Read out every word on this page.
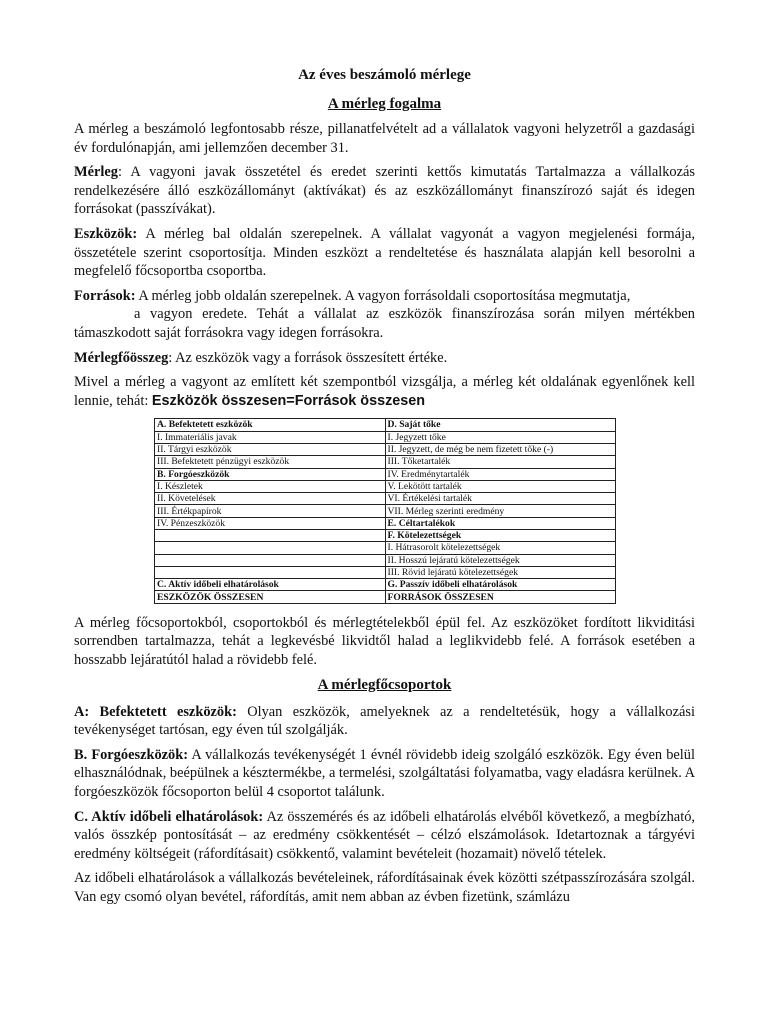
Az éves beszámoló mérlege
A mérleg fogalma

A mérleg a beszámoló legfontosabb része, pillanatfelvételt ad a vállalatok vagyoni helyzetről a gazdasági év fordulónapján, ami jellemzően december 31.

Mérleg: A vagyoni javak összetétel és eredet szerinti kettős kimutatás Tartalmazza a vállalkozás rendelkezésére álló eszközállományt (aktívákat) és az eszközállományt finanszírozó saját és idegen forrásokat (passzívákat).

Eszközök: A mérleg bal oldalán szerepelnek. A vállalat vagyonát a vagyon megjelenési formája, összetétele szerint csoportosítja. Minden eszközt a rendeltetése és használata alapján kell besorolni a megfelelő főcsoportba csoportba.

Források: A mérleg jobb oldalán szerepelnek. A vagyon forrásoldali csoportosítása megmutatja,

a vagyon eredete. Tehát a vállalat az eszközök finanszírozása során milyen mértékben támaszkodott saját forrásokra vagy idegen forrásokra.

Mérlegfőösszeg: Az eszközök vagy a források összesített értéke.

Mivel a mérleg a vagyont az említett két szempontból vizsgálja, a mérleg két oldalának egyenlőnek kell lennie, tehát: Eszközök összesen=Források összesen

A. Befektetett eszközök	D. Saját tőke
I. Immateriális javak	I. Jegyzett tőke
II. Tárgyi eszközök	II. Jegyzett, de még be nem fizetett tőke (-)
III. Befektetett pénzügyi eszközök	III. Tőketartalék
B. Forgóeszközök	IV. Eredménytartalék
I. Készletek	V. Lekötött tartalék
II. Követelések	VI. Értékelési tartalék
III. Értékpapírok	VII. Mérleg szerinti eredmény
IV. Pénzeszközök	E. Céltartalékok
	F. Kötelezettségek
	I. Hátrasorolt kötelezettségek
	II. Hosszú lejáratú kötelezettségek
	III. Rövid lejáratú kötelezettségek
C. Aktív időbeli elhatárolások	G. Passzív időbeli elhatárolások
ESZKÖZÖK ÖSSZESEN	FORRÁSOK ÖSSZESEN

A mérleg főcsoportokból, csoportokból és mérlegtételekből épül fel. Az eszközöket fordított likviditási sorrendben tartalmazza, tehát a legkevésbé likvidtől halad a leglikvidebb felé. A források esetében a hosszabb lejáratútól halad a rövidebb felé.

A mérlegfőcsoportok

A: Befektetett eszközök: Olyan eszközök, amelyeknek az a rendeltetésük, hogy a vállalkozási tevékenységet tartósan, egy éven túl szolgálják.

B. Forgóeszközök: A vállalkozás tevékenységét 1 évnél rövidebb ideig szolgáló eszközök. Egy éven belül elhasználódnak, beépülnek a késztermékbe, a termelési, szolgáltatási folyamatba, vagy eladásra kerülnek. A forgóeszközök főcsoporton belül 4 csoportot találunk.

C. Aktív időbeli elhatárolások: Az összemérés és az időbeli elhatárolás elvéből következő, a megbízható, valós összkép pontosítását – az eredmény csökkentését – célzó elszámolások. Idetartoznak a tárgyévi eredmény költségeit (ráfordításait) csökkentő, valamint bevételeit (hozamait) növelő tételek.

Az időbeli elhatárolások a vállalkozás bevételeinek, ráfordításainak évek közötti szétpasszírozására szolgál. Van egy csomó olyan bevétel, ráfordítás, amit nem abban az évben fizetünk, számlázu
